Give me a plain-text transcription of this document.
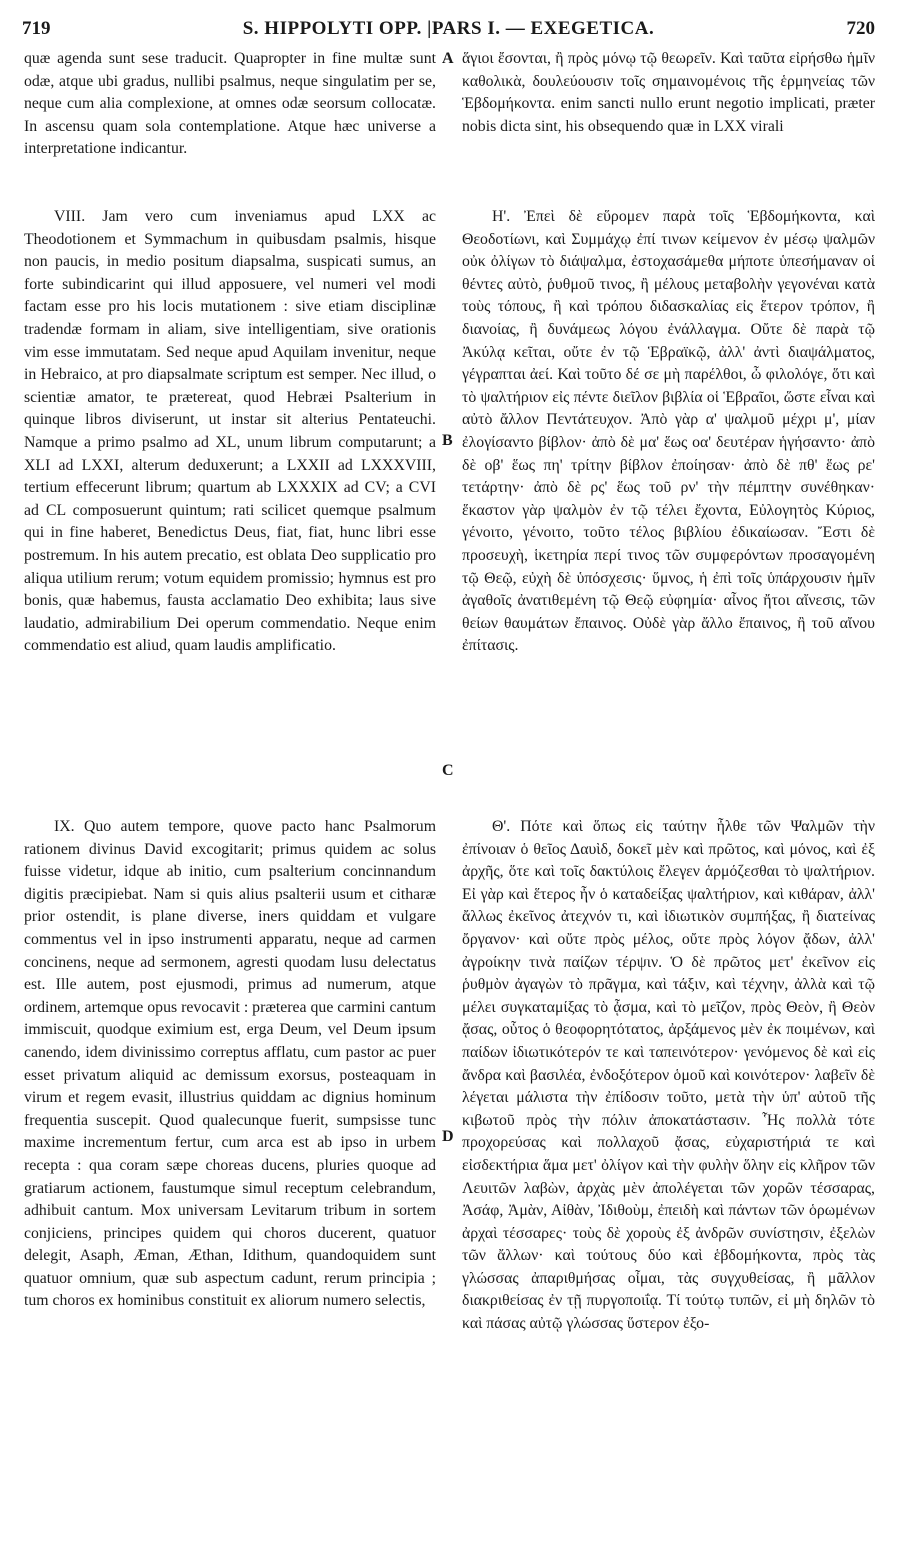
719	S. HIPPOLYTI OPP. |PARS I. — EXEGETICA.	720
A
B
C
D

quæ agenda sunt sese traducit. Quapropter in fine multæ sunt odæ, atque ubi gradus, nullibi psalmus, neque singulatim per se, neque cum alia complexione, at omnes odæ seorsum collocatæ. In ascensu quam sola contemplatione. Atque hæc universe a interpretatione indicantur.

ἅγιοι ἔσονται, ἢ πρὸς μόνῳ τῷ θεωρεῖν. Καὶ ταῦτα εἰρήσθω ἡμῖν καθολικὰ, δουλεύουσιν τοῖς σημαινομένοις τῆς ἑρμηνείας τῶν Ἑβδομήκοντα. enim sancti nullo erunt negotio implicati, præter nobis dicta sint, his obsequendo quæ in LXX virali

VIII. Jam vero cum inveniamus apud LXX ac Theodotionem et Symmachum in quibusdam psalmis, hisque non paucis, in medio positum diapsalma, suspicati sumus, an forte subindicarint qui illud apposuere, vel numeri vel modi factam esse pro his locis mutationem : sive etiam disciplinæ tradendæ formam in aliam, sive intelligentiam, sive orationis vim esse immutatam. Sed neque apud Aquilam invenitur, neque in Hebraico, at pro diapsalmate scriptum est semper. Nec illud, o scientiæ amator, te prætereat, quod Hebræi Psalterium in quinque libros diviserunt, ut instar sit alterius Pentateuchi. Namque a primo psalmo ad XL, unum librum computarunt; a XLI ad LXXI, alterum deduxerunt; a LXXII ad LXXXVIII, tertium effecerunt librum; quartum ab LXXXIX ad CV; a CVI ad CL composuerunt quintum; rati scilicet quemque psalmum qui in fine haberet, Benedictus Deus, fiat, fiat, hunc libri esse postremum. In his autem precatio, est oblata Deo supplicatio pro aliqua utilium rerum; votum equidem promissio; hymnus est pro bonis, quæ habemus, fausta acclamatio Deo exhibita; laus sive laudatio, admirabilium Dei operum commendatio. Neque enim commendatio est aliud, quam laudis amplificatio.

Η'. Ἐπεὶ δὲ εὕρομεν παρὰ τοῖς Ἑβδομήκοντα, καὶ Θεοδοτίωνι, καὶ Συμμάχῳ ἐπί τινων κείμενον ἐν μέσῳ ψαλμῶν οὐκ ὀλίγων τὸ διάψαλμα, ἐστοχασάμεθα μήποτε ὑπεσήμαναν οἱ θέντες αὐτὸ, ῥυθμοῦ τινος, ἢ μέλους μεταβολὴν γεγονέναι κατὰ τοὺς τόπους, ἢ καὶ τρόπου διδασκαλίας εἰς ἕτερον τρόπον, ἢ διανοίας, ἢ δυνάμεως λόγου ἐνάλλαγμα. Οὔτε δὲ παρὰ τῷ Ἀκύλᾳ κεῖται, οὔτε ἐν τῷ Ἑβραϊκῷ, ἀλλ' ἀντὶ διαψάλματος, γέγραπται ἀεί. Καὶ τοῦτο δέ σε μὴ παρέλθοι, ὦ φιλολόγε, ὅτι καὶ τὸ ψαλτήριον εἰς πέντε διεῖλον βιβλία οἱ Ἑβραῖοι, ὥστε εἶναι καὶ αὐτὸ ἄλλον Πεντάτευχον. Ἀπὸ γὰρ α' ψαλμοῦ μέχρι μ', μίαν ἐλογίσαντο βίβλον· ἀπὸ δὲ μα' ἕως οα' δευτέραν ἡγήσαντο· ἀπὸ δὲ οβ' ἕως πη' τρίτην βίβλον ἐποίησαν· ἀπὸ δὲ πθ' ἕως ρε' τετάρτην· ἀπὸ δὲ ρς' ἕως τοῦ ρν' τὴν πέμπτην συνέθηκαν· ἕκαστον γὰρ ψαλμὸν ἐν τῷ τέλει ἔχοντα, Εὐλογητὸς Κύριος, γένοιτο, γένοιτο, τοῦτο τέλος βιβλίου ἐδικαίωσαν. Ἔστι δὲ προσευχὴ, ἱκετηρία περί τινος τῶν συμφερόντων προσαγομένη τῷ Θεῷ, εὐχὴ δὲ ὑπόσχεσις· ὕμνος, ἡ ἐπὶ τοῖς ὑπάρχουσιν ἡμῖν ἀγαθοῖς ἀνατιθεμένη τῷ Θεῷ εὐφημία· αἶνος ἤτοι αἴνεσις, τῶν θείων θαυμάτων ἔπαινος. Οὐδὲ γὰρ ἄλλο ἔπαινος, ἢ τοῦ αἴνου ἐπίτασις.

IX. Quo autem tempore, quove pacto hanc Psalmorum rationem divinus David excogitarit; primus quidem ac solus fuisse videtur, idque ab initio, cum psalterium concinnandum digitis præcipiebat. Nam si quis alius psalterii usum et citharæ prior ostendit, is plane diverse, iners quiddam et vulgare commentus vel in ipso instrumenti apparatu, neque ad carmen concinens, neque ad sermonem, agresti quodam lusu delectatus est. Ille autem, post ejusmodi, primus ad numerum, atque ordinem, artemque opus revocavit : præterea que carmini cantum immiscuit, quodque eximium est, erga Deum, vel Deum ipsum canendo, idem divinissimo correptus afflatu, cum pastor ac puer esset privatum aliquid ac demissum exorsus, posteaquam in virum et regem evasit, illustrius quiddam ac dignius hominum frequentia suscepit. Quod qualecunque fuerit, sumpsisse tunc maxime incrementum fertur, cum arca est ab ipso in urbem recepta : qua coram sæpe choreas ducens, pluries quoque ad gratiarum actionem, faustumque simul receptum celebrandum, adhibuit cantum. Mox universam Levitarum tribum in sortem conjiciens, principes quidem qui choros ducerent, quatuor delegit, Asaph, Æman, Æthan, Idithum, quandoquidem sunt quatuor omnium, quæ sub aspectum cadunt, rerum principia ; tum choros ex hominibus constituit ex aliorum numero selectis,

Θ'. Πότε καὶ ὅπως εἰς ταύτην ἦλθε τῶν Ψαλμῶν τὴν ἐπίνοιαν ὁ θεῖος Δαυὶδ, δοκεῖ μὲν καὶ πρῶτος, καὶ μόνος, καὶ ἐξ ἀρχῆς, ὅτε καὶ τοῖς δακτύλοις ἔλεγεν ἁρμόζεσθαι τὸ ψαλτήριον. Εἰ γὰρ καὶ ἕτερος ἦν ὁ καταδείξας ψαλτήριον, καὶ κιθάραν, ἀλλ' ἄλλως ἐκεῖνος ἀτεχνόν τι, καὶ ἰδιωτικὸν συμπήξας, ἢ διατείνας ὄργανον· καὶ οὔτε πρὸς μέλος, οὔτε πρὸς λόγον ᾄδων, ἀλλ' ἀγροίκην τινὰ παίζων τέρψιν. Ὁ δὲ πρῶτος μετ' ἐκεῖνον εἰς ῥυθμὸν ἀγαγὼν τὸ πρᾶγμα, καὶ τάξιν, καὶ τέχνην, ἀλλὰ καὶ τῷ μέλει συγκαταμίξας τὸ ᾆσμα, καὶ τὸ μεῖζον, πρὸς Θεὸν, ἢ Θεὸν ᾄσας, οὗτος ὁ θεοφορητότατος, ἀρξάμενος μὲν ἐκ ποιμένων, καὶ παίδων ἰδιωτικότερόν τε καὶ ταπεινότερον· γενόμενος δὲ καὶ εἰς ἄνδρα καὶ βασιλέα, ἐνδοξότερον ὁμοῦ καὶ κοινότερον· λαβεῖν δὲ λέγεται μάλιστα τὴν ἐπίδοσιν τοῦτο, μετὰ τὴν ὑπ' αὐτοῦ τῆς κιβωτοῦ πρὸς τὴν πόλιν ἀποκατάστασιν. Ἧς πολλὰ τότε προχορεύσας καὶ πολλαχοῦ ᾄσας, εὐχαριστήριά τε καὶ εἰσδεκτήρια ἅμα μετ' ὀλίγον καὶ τὴν φυλὴν ὅλην εἰς κλῆρον τῶν Λευιτῶν λαβὼν, ἀρχὰς μὲν ἀπολέγεται τῶν χορῶν τέσσαρας, Ἀσάφ, Ἀμὰν, Αἰθὰν, Ἰδιθοὺμ, ἐπειδὴ καὶ πάντων τῶν ὁρωμένων ἀρχαὶ τέσσαρες· τοὺς δὲ χοροὺς ἐξ ἀνδρῶν συνίστησιν, ἐξελὼν τῶν ἄλλων· καὶ τούτους δύο καὶ ἑβδομήκοντα, πρὸς τὰς γλώσσας ἀπαριθμήσας οἶμαι, τὰς συγχυθείσας, ἢ μᾶλλον διακριθείσας ἐν τῇ πυργοποιΐᾳ. Τί τούτῳ τυπῶν, εἰ μὴ δηλῶν τὸ καὶ πάσας αὐτῷ γλώσσας ὕστερον ἐξο-
